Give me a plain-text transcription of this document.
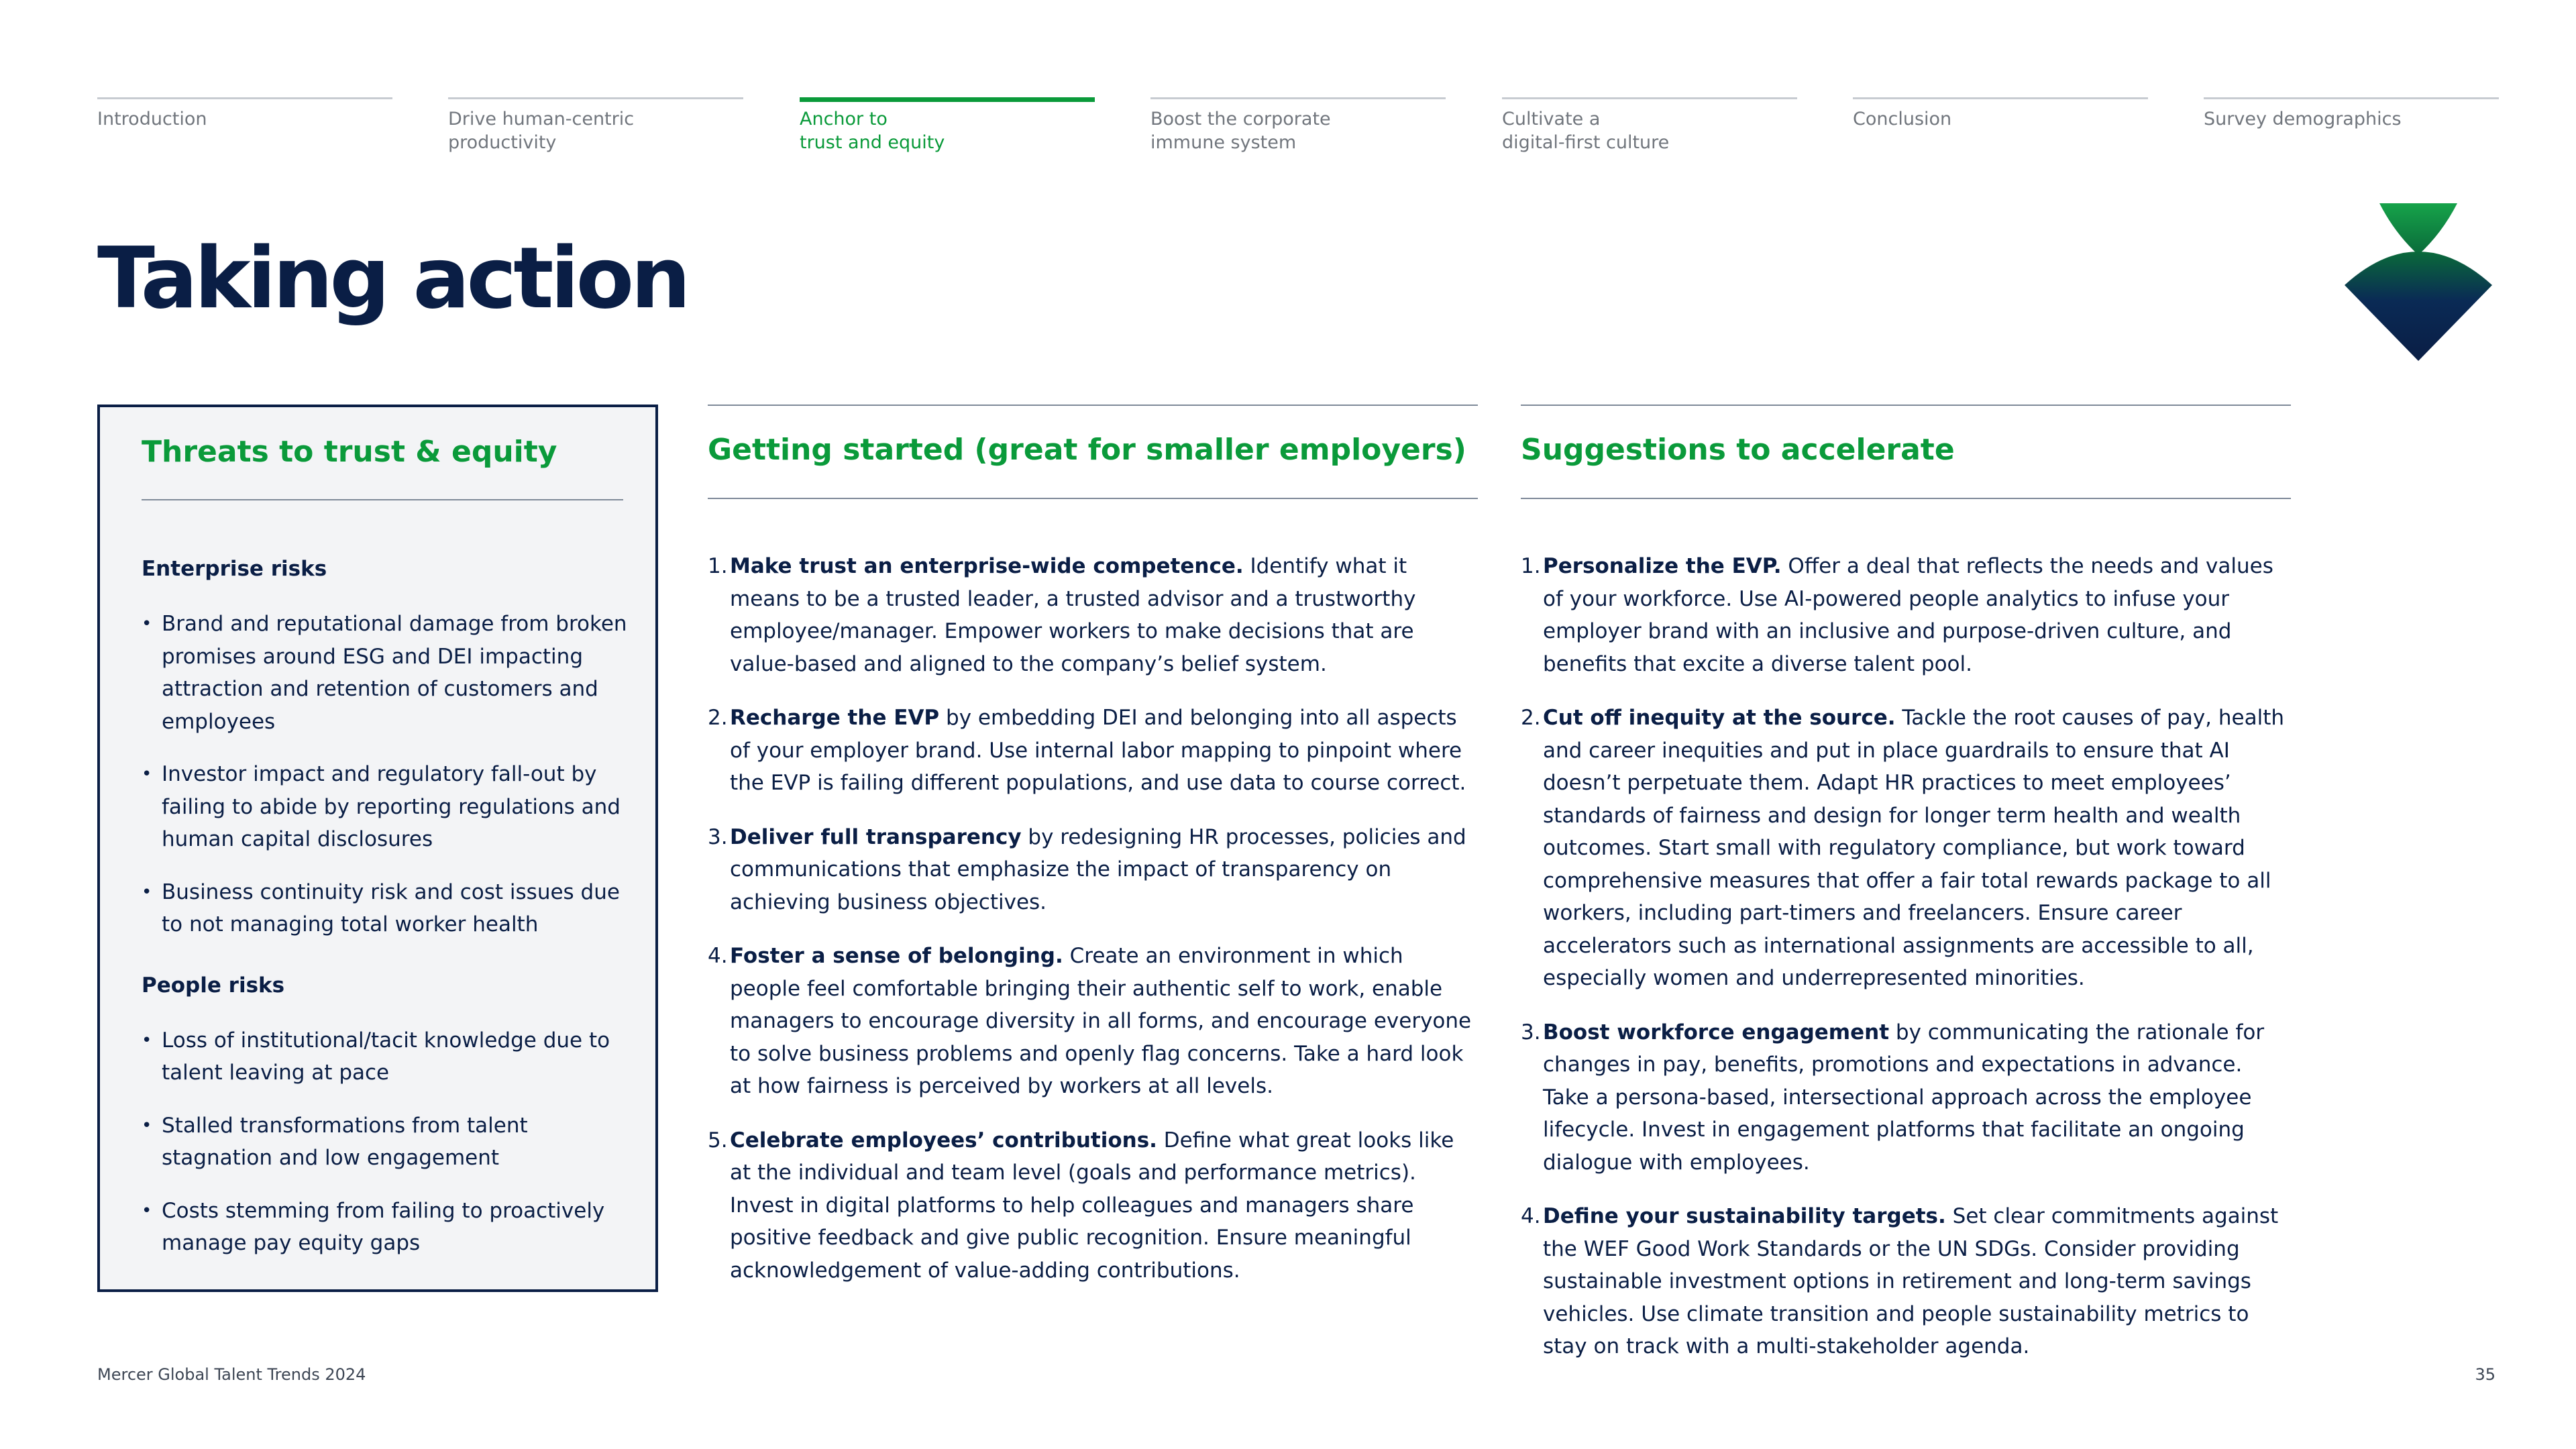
Introduction	Drive human-centric
productivity
Anchor to
trust and equity
Boost the corporate
immune system
Cultivate a
digital-first culture
Conclusion	Survey demographics
Taking action
Threats to trust & equity

Enterprise risks

• Brand and reputational damage from broken promises around ESG and DEI impacting attraction and retention of customers and employees
• Investor impact and regulatory fall-out by failing to abide by reporting regulations and human capital disclosures
• Business continuity risk and cost issues due to not managing total worker health

People risks

• Loss of institutional/tacit knowledge due to talent leaving at pace
• Stalled transformations from talent stagnation and low engagement
• Costs stemming from failing to proactively manage pay equity gaps
Getting started (great for smaller employers)
1. Make trust an enterprise-wide competence. Identify what it means to be a trusted leader, a trusted advisor and a trustworthy employee/manager. Empower workers to make decisions that are value-based and aligned to the company’s belief system.
2. Recharge the EVP by embedding DEI and belonging into all aspects of your employer brand. Use internal labor mapping to pinpoint where the EVP is failing different populations, and use data to course correct.
3. Deliver full transparency by redesigning HR processes, policies and communications that emphasize the impact of transparency on achieving business objectives.
4. Foster a sense of belonging. Create an environment in which people feel comfortable bringing their authentic self to work, enable managers to encourage diversity in all forms, and encourage everyone to solve business problems and openly flag concerns. Take a hard look at how fairness is perceived by workers at all levels.
5. Celebrate employees’ contributions. Define what great looks like at the individual and team level (goals and performance metrics). Invest in digital platforms to help colleagues and managers share positive feedback and give public recognition. Ensure meaningful acknowledgement of value-adding contributions.
Suggestions to accelerate
1. Personalize the EVP. Offer a deal that reflects the needs and values of your workforce. Use AI-powered people analytics to infuse your employer brand with an inclusive and purpose-driven culture, and benefits that excite a diverse talent pool.
2. Cut off inequity at the source. Tackle the root causes of pay, health and career inequities and put in place guardrails to ensure that AI doesn’t perpetuate them. Adapt HR practices to meet employees’ standards of fairness and design for longer term health and wealth outcomes. Start small with regulatory compliance, but work toward comprehensive measures that offer a fair total rewards package to all workers, including part-timers and freelancers. Ensure career accelerators such as international assignments are accessible to all, especially women and underrepresented minorities.
3. Boost workforce engagement by communicating the rationale for changes in pay, benefits, promotions and expectations in advance. Take a persona-based, intersectional approach across the employee lifecycle. Invest in engagement platforms that facilitate an ongoing dialogue with employees.
4. Define your sustainability targets. Set clear commitments against the WEF Good Work Standards or the UN SDGs. Consider providing sustainable investment options in retirement and long-term savings vehicles. Use climate transition and people sustainability metrics to stay on track with a multi-stakeholder agenda.
Mercer Global Talent Trends 2024	35
